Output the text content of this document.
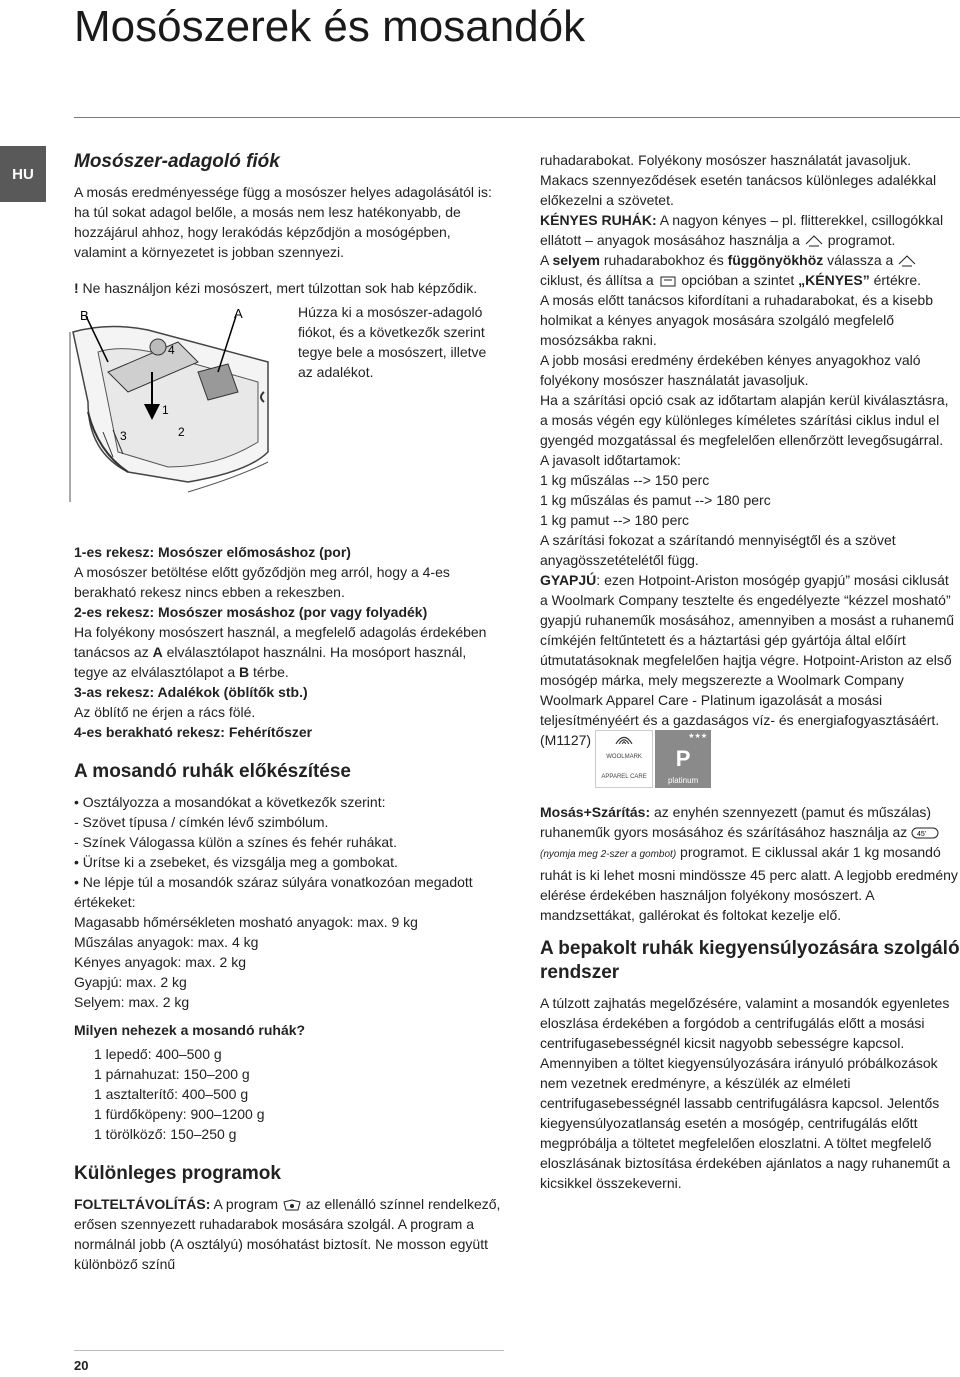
Mosószerek és mosandók
HU
Mosószer-adagoló fiók

A mosás eredményessége függ a mosószer helyes adagolásától is: ha túl sokat adagol belőle, a mosás nem lesz hatékonyabb, de hozzájárul ahhoz, hogy lerakódás képződjön a mosógépben, valamint a környezetet is jobban szennyezi.

! Ne használjon kézi mosószert, mert túlzottan sok hab képződik.

B	A
4
1
2
3
Húzza ki a mosószer-adagoló fiókot, és a következők szerint tegye bele a mosószert, illetve az adalékot.

1-es rekesz: Mosószer előmosáshoz (por)

A mosószer betöltése előtt győződjön meg arról, hogy a 4-es berakható rekesz nincs ebben a rekeszben.

2-es rekesz: Mosószer mosáshoz (por vagy folyadék)

Ha folyékony mosószert használ, a megfelelő adagolás érdekében tanácsos az A elválasztólapot használni. Ha mosóport használ, tegye az elválasztólapot a B térbe.

3-as rekesz: Adalékok (öblítők stb.)

Az öblítő ne érjen a rács fölé.

4-es berakható rekesz: Fehérítőszer

A mosandó ruhák előkészítése

• Osztályozza a mosandókat a következők szerint:

- Szövet típusa / címkén lévő szimbólum.

- Színek Válogassa külön a színes és fehér ruhákat.

• Ürítse ki a zsebeket, és vizsgálja meg a gombokat.

• Ne lépje túl a mosandók száraz súlyára vonatkozóan megadott értékeket:

Magasabb hőmérsékleten mosható anyagok: max. 9 kg

Műszálas anyagok: max. 4 kg

Kényes anyagok: max. 2 kg

Gyapjú: max. 2 kg

Selyem: max. 2 kg

Milyen nehezek a mosandó ruhák?

1 lepedő: 400–500 g

1 párnahuzat: 150–200 g

1 asztalterítő: 400–500 g

1 fürdőköpeny: 900–1200 g

1 törölköző: 150–250 g

Különleges programok

FOLTELTÁVOLÍTÁS: A program  az ellenálló színnel rendelkező, erősen szennyezett ruhadarabok mosására szolgál. A program a normálnál jobb (A osztályú) mosóhatást biztosít. Ne mosson együtt különböző színű

ruhadarabokat. Folyékony mosószer használatát javasoljuk. Makacs szennyeződések esetén tanácsos különleges adalékkal előkezelni a szövetet.

KÉNYES RUHÁK: A nagyon kényes – pl. flitterekkel, csillogókkal ellátott – anyagok mosásához használja a  programot.

A selyem ruhadarabokhoz és függönyökhöz válassza a  ciklust, és állítsa a  opcióban a szintet „KÉNYES” értékre.

A mosás előtt tanácsos kifordítani a ruhadarabokat, és a kisebb holmikat a kényes anyagok mosására szolgáló megfelelő mosózsákba rakni.

A jobb mosási eredmény érdekében kényes anyagokhoz való folyékony mosószer használatát javasoljuk.

Ha a szárítási opció csak az időtartam alapján kerül kiválasztásra, a mosás végén egy különleges kíméletes szárítási ciklus indul el gyengéd mozgatással és megfelelően ellenőrzött levegősugárral.

A javasolt időtartamok:

1 kg műszálas --> 150 perc

1 kg műszálas és pamut --> 180 perc

1 kg pamut --> 180 perc

A szárítási fokozat a szárítandó mennyiségtől és a szövet anyagösszetételétől függ.

GYAPJÚ: ezen Hotpoint-Ariston mosógép gyapjú” mosási ciklusát a Woolmark Company tesztelte és engedélyezte “kézzel mosható” gyapjú ruhaneműk mosásához, amennyiben a mosást a ruhanemű címkéjén feltűntetett és a háztartási gép gyártója által előírt útmutatásoknak megfelelően hajtja végre. Hotpoint-Ariston az első mosógép márka, mely megszerezte a Woolmark Company Woolmark Apparel Care - Platinum igazolását a mosási teljesítményéért és a gazdaságos víz- és energiafogyasztásáért. (M1127)
WOOLMARK
APPAREL CARE
★★★
P
platinum

Mosás+Szárítás: az enyhén szennyezett (pamut és műszálas) ruhaneműk gyors mosásához és szárításához használja az 45'
(nyomja meg 2-szer a gombot) programot. E ciklussal akár 1 kg mosandó ruhát is ki lehet mosni mindössze 45 perc alatt. A legjobb eredmény elérése érdekében használjon folyékony mosószert. A mandzsettákat, gallérokat és foltokat kezelje elő.

A bepakolt ruhák kiegyensúlyozására szolgáló rendszer

A túlzott zajhatás megelőzésére, valamint a mosandók egyenletes eloszlása érdekében a forgódob a centrifugálás előtt a mosási centrifugasebességnél kicsit nagyobb sebességre kapcsol. Amennyiben a töltet kiegyensúlyozására irányuló próbálkozások nem vezetnek eredményre, a készülék az elméleti centrifugasebességnél lassabb centrifugálásra kapcsol. Jelentős kiegyensúlyozatlanság esetén a mosógép, centrifugálás előtt megpróbálja a töltetet megfelelően eloszlatni. A töltet megfelelő eloszlásának biztosítása érdekében ajánlatos a nagy ruhaneműt a kicsikkel összekeverni.

20
